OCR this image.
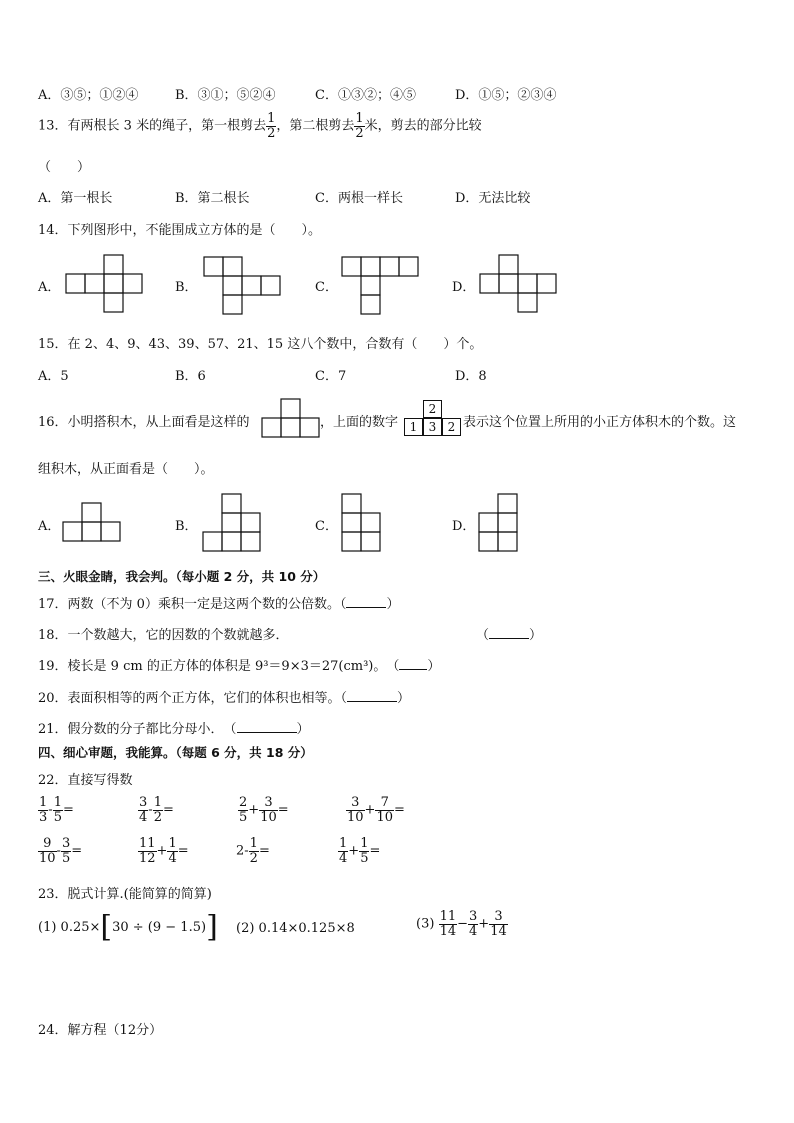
A．③⑤；①②④	B．③①；⑤②④	C．①③②；④⑤	D．①⑤；②③④
13．有两根长 3 米的绳子，第一根剪去 $\frac{1}{2}$ ，第二根剪去 $\frac{1}{2}$ 米，剪去的部分比较
（　　）
A．第一根长	B．第二根长	C．两根一样长	D．无法比较
14．下列图形中，不能围成立方体的是（　　）。
A．	B．	C．	D．
15．在 2、4、9、43、39、57、21、15 这八个数中，合数有（　　）个。
A．5	B．6	C．7	D．8
16．小明搭积木，从上面看是这样的	，上面的数字
2
1 3 2 表示这个位置上所用的小正方体积木的个数。这
组积木，从正面看是（　　）。
A．	B．	C．	D．
三、火眼金睛，我会判。（每小题 2 分，共 10 分）
17．两数（不为 0）乘积一定是这两个数的公倍数。（	）
18．一个数越大，它的因数的个数就越多．	（	）
19．棱长是 9 cm 的正方体的体积是 9³＝9×3＝27(cm³)。　（ ）
20．表面积相等的两个正方体，它们的体积也相等。（	）
21．假分数的分子都比分母小．　（	）
四、细心审题，我能算。（每题 6 分，共 18 分）
22．直接写得数
$\frac{1}{3} - \frac{1}{5}$ =	$\frac{3}{4} - \frac{1}{2}$ =	$\frac{2}{5} + \frac{3}{10}$ =	$\frac{3}{10} + \frac{7}{10}$ =
$\frac{9}{10} - \frac{3}{5}$ =	$\frac{11}{12} + \frac{1}{4}$ =	$2- \frac{1}{2}$ =	$\frac{1}{4} + \frac{1}{5}$ =
23．脱式计算.(能简算的简算)
(1) 0.25×[30 ÷ (9 − 1.5)] (2) 0.14×0.125×8	$(3) \frac{11}{14} - \frac{3}{4} + \frac{3}{14}$
24．解方程（12分）
